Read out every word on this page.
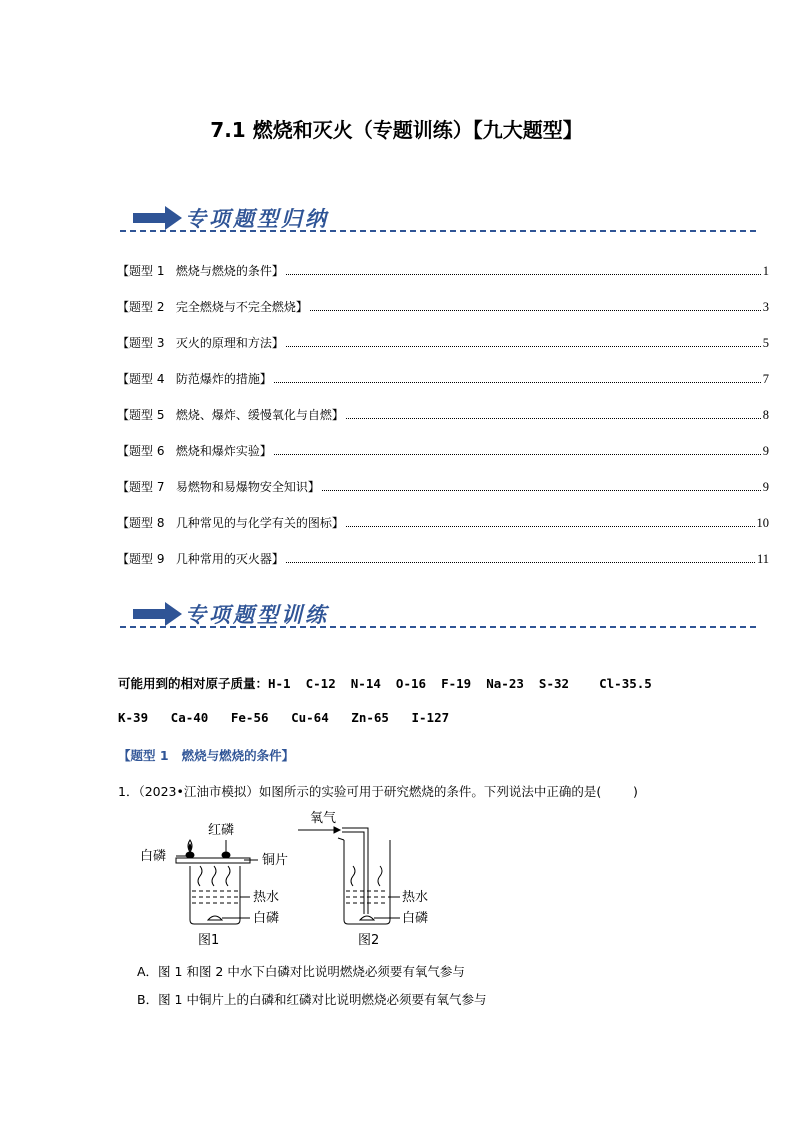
7.1 燃烧和灭火（专题训练）【九大题型】
专项题型归纳
【题型 1   燃烧与燃烧的条件】	1
【题型 2   完全燃烧与不完全燃烧】	3
【题型 3   灭火的原理和方法】	5
【题型 4   防范爆炸的措施】	7
【题型 5   燃烧、爆炸、缓慢氧化与自燃】	8
【题型 6   燃烧和爆炸实验】	9
【题型 7   易燃物和易爆物安全知识】	9
【题型 8   几种常见的与化学有关的图标】	10
【题型 9   几种常用的灭火器】	11
专项题型训练
可能用到的相对原子质量：H-1  C-12  N-14  O-16  F-19  Na-23  S-32    Cl-35.5
K-39   Ca-40   Fe-56   Cu-64   Zn-65   I-127
【题型 1   燃烧与燃烧的条件】
1．（2023•江油市模拟）如图所示的实验可用于研究燃烧的条件。下列说法中正确的是(        )
红磷
白磷	铜片
热水
白磷
图1
氧气
热水
白磷
图2
A．图 1 和图 2 中水下白磷对比说明燃烧必须要有氧气参与
B．图 1 中铜片上的白磷和红磷对比说明燃烧必须要有氧气参与
